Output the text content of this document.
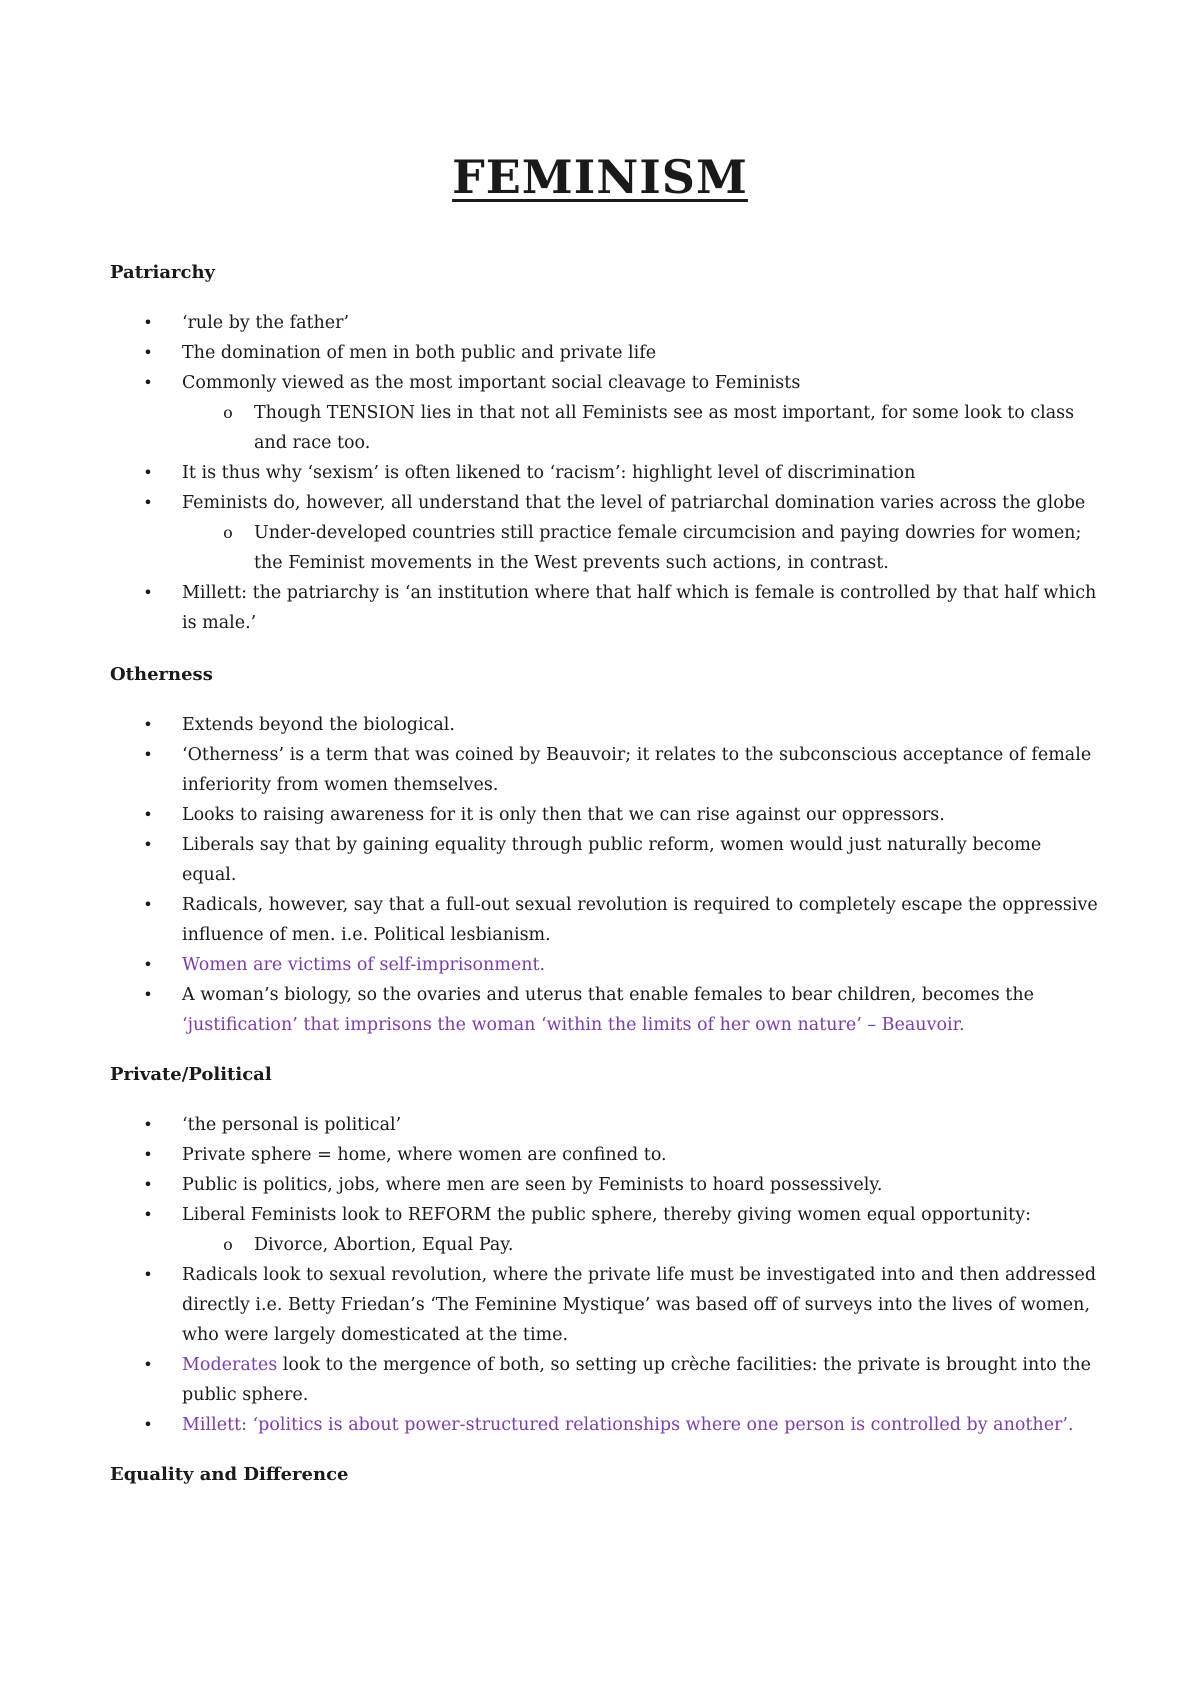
FEMINISM
Patriarchy
•	‘rule by the father’
•	The domination of men in both public and private life
•	Commonly viewed as the most important social cleavage to Feminists
o Though TENSION lies in that not all Feminists see as most important, for some look to class and race too.
•	It is thus why ‘sexism’ is often likened to ‘racism’: highlight level of discrimination
•	Feminists do, however, all understand that the level of patriarchal domination varies across the globe
o Under-developed countries still practice female circumcision and paying dowries for women; the Feminist movements in the West prevents such actions, in contrast.
•	Millett: the patriarchy is ‘an institution where that half which is female is controlled by that half which is male.’
Otherness
•	Extends beyond the biological.
•	‘Otherness’ is a term that was coined by Beauvoir; it relates to the subconscious acceptance of female inferiority from women themselves.
•	Looks to raising awareness for it is only then that we can rise against our oppressors.
•	Liberals say that by gaining equality through public reform, women would just naturally become equal.
•	Radicals, however, say that a full-out sexual revolution is required to completely escape the oppressive influence of men. i.e. Political lesbianism.
•	Women are victims of self-imprisonment.
•	A woman’s biology, so the ovaries and uterus that enable females to bear children, becomes the
‘justification’ that imprisons the woman ‘within the limits of her own nature’ – Beauvoir.
Private/Political
•	‘the personal is political’
•	Private sphere = home, where women are confined to.
•	Public is politics, jobs, where men are seen by Feminists to hoard possessively.
•	Liberal Feminists look to REFORM the public sphere, thereby giving women equal opportunity:
o Divorce, Abortion, Equal Pay.
•	Radicals look to sexual revolution, where the private life must be investigated into and then addressed directly i.e. Betty Friedan’s ‘The Feminine Mystique’ was based off of surveys into the lives of women, who were largely domesticated at the time.
•	Moderates look to the mergence of both, so setting up crèche facilities: the private is brought into the public sphere.
•	Millett: ‘politics is about power-structured relationships where one person is controlled by another’.
Equality and Difference
